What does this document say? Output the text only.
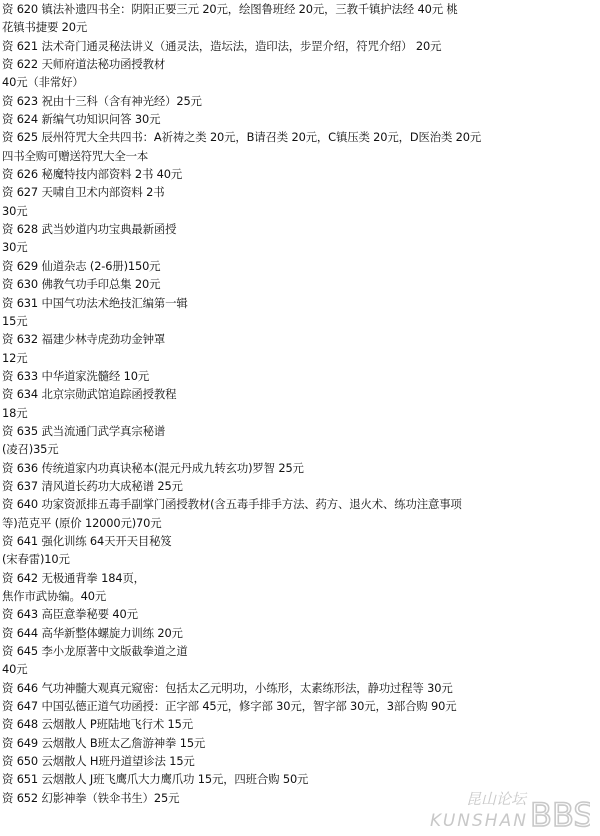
资 620 镇法补遗四书全：阴阳正要三元 20元，绘图鲁班经 20元，三教千镇护法经 40元 桃
花镇书捷要 20元
资 621 法术奇门通灵秘法讲义（通灵法，造坛法，造印法，步罡介绍，符咒介绍） 20元
资 622 天师府道法秘功函授教材
40元（非常好）
资 623 祝由十三科（含有神光经）25元
资 624 新编气功知识问答 30元
资 625 辰州符咒大全共四书：A祈祷之类 20元，B请召类 20元，C镇压类 20元，D医治类 20元
四书全购可赠送符咒大全一本
资 626 秘魔特技内部资料 2书 40元
资 627 天啸自卫术内部资料 2书
30元
资 628 武当妙道内功宝典最新函授
30元
资 629 仙道杂志 (2-6册)150元
资 630 佛教气功手印总集 20元
资 631 中国气功法术绝技汇编第一辑
15元
资 632 福建少林寺虎劲功金钟罩
12元
资 633 中华道家洗髓经 10元
资 634 北京宗勋武馆追踪函授教程
18元
资 635 武当流通门武学真宗秘谱
(凌召)35元
资 636 传统道家内功真诀秘本(混元丹成九转玄功)罗智 25元
资 637 清风道长药功大成秘谱 25元
资 640 功家资派排五毒手副掌门函授教材(含五毒手排手方法、药方、退火术、练功注意事项
等)范克平 (原价 12000元)70元
资 641 强化训练 64天开天目秘笈
(宋春雷)10元
资 642 无极通背拳 184页，
焦作市武协编。40元
资 643 高臣意拳秘要 40元
资 644 高华新整体螺旋力训练 20元
资 645 李小龙原著中文版截拳道之道
40元
资 646 气功神髓大观真元窥密：包括太乙元明功，小练形，太素练形法，静功过程等 30元
资 647 中国弘德正道气功函授：正字部 45元，修字部 30元，智字部 30元，3部合购 90元
资 648 云烟散人 P班陆地飞行术 15元
资 649 云烟散人 B班太乙詹游神拳 15元
资 650 云烟散人 H班丹道望诊法 15元
资 651 云烟散人 J班飞鹰爪大力鹰爪功 15元，四班合购 50元
资 652 幻影神拳（铁伞书生）25元	昆山论坛 BBS
KUNSHAN
